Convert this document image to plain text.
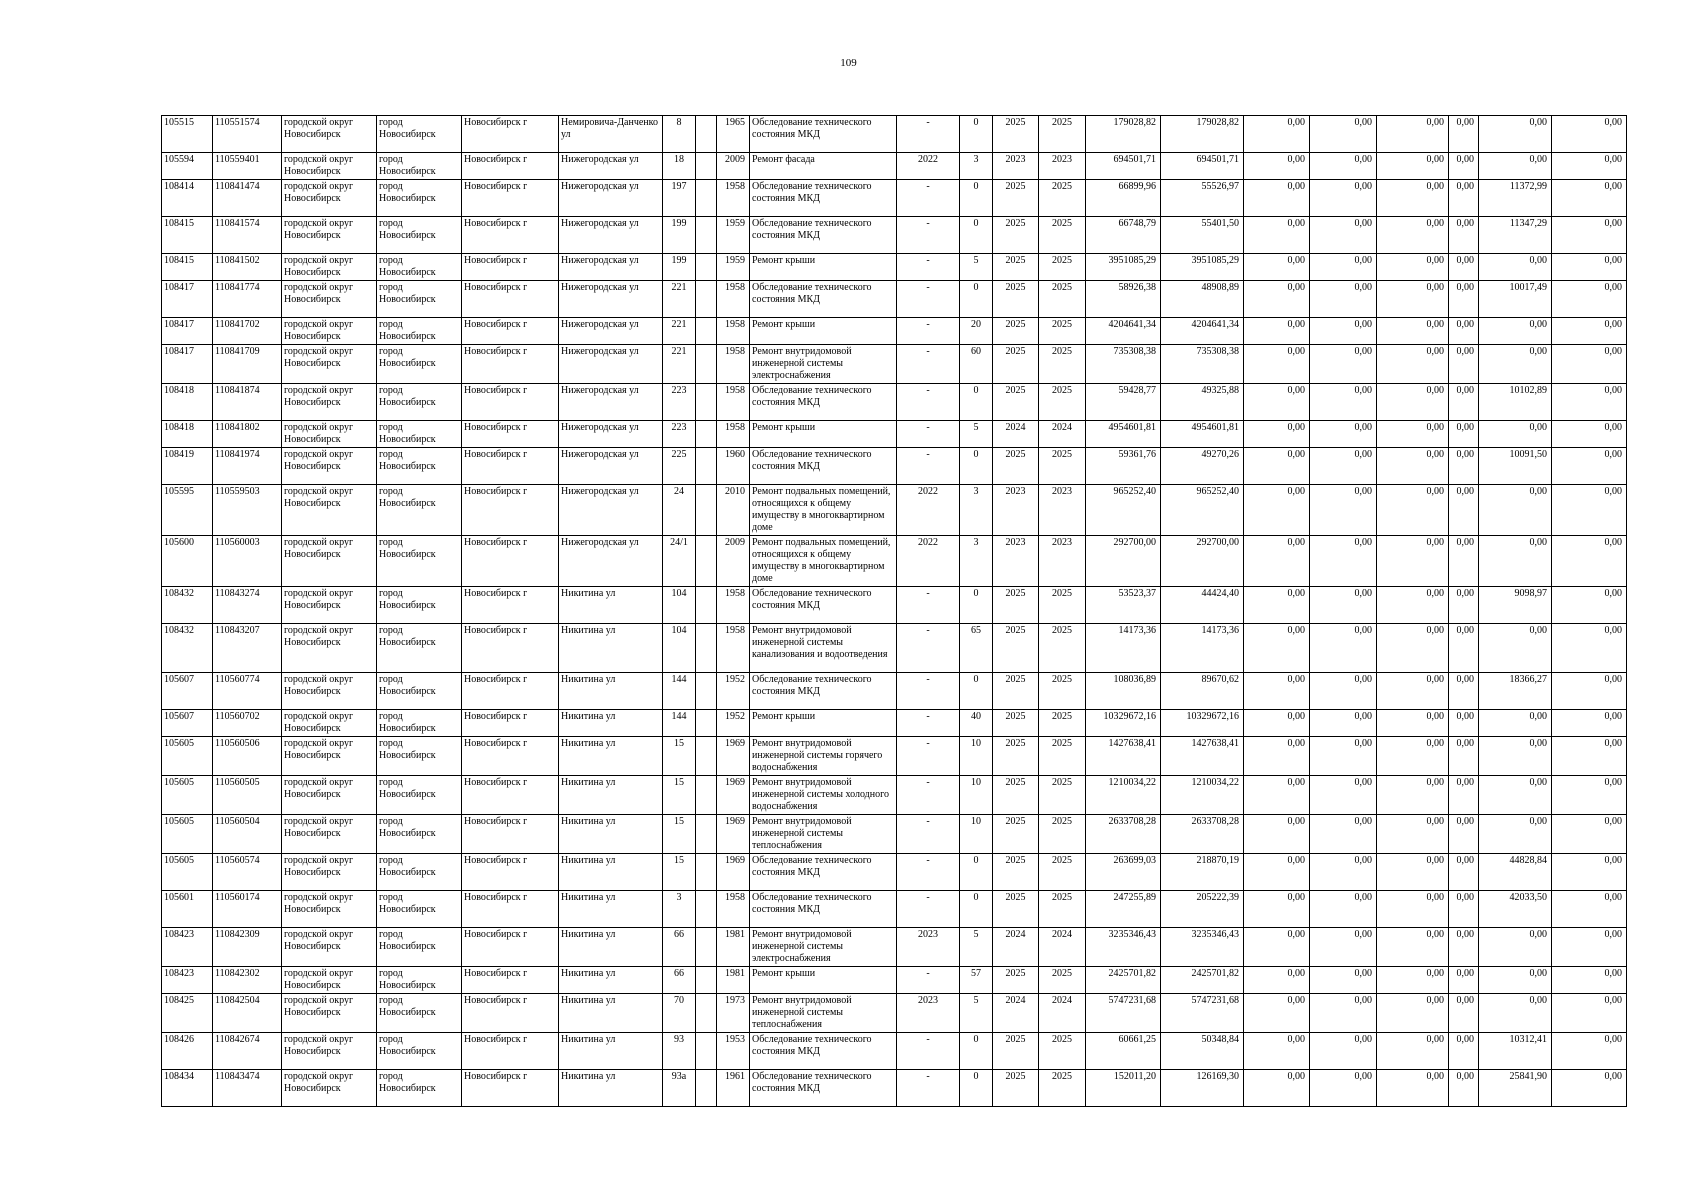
109
105515	110551574	городской округ Новосибирск	город Новосибирск	Новосибирск г	Немировича-Данченко ул	8		1965	Обследование технического состояния МКД	-	0	2025	2025	179028,82	179028,82	0,00	0,00	0,00	0,00	0,00	0,00
105594	110559401	городской округ Новосибирск	город Новосибирск	Новосибирск г	Нижегородская ул	18		2009	Ремонт фасада	2022	3	2023	2023	694501,71	694501,71	0,00	0,00	0,00	0,00	0,00	0,00
108414	110841474	городской округ Новосибирск	город Новосибирск	Новосибирск г	Нижегородская ул	197		1958	Обследование технического состояния МКД	-	0	2025	2025	66899,96	55526,97	0,00	0,00	0,00	0,00	11372,99	0,00
108415	110841574	городской округ Новосибирск	город Новосибирск	Новосибирск г	Нижегородская ул	199		1959	Обследование технического состояния МКД	-	0	2025	2025	66748,79	55401,50	0,00	0,00	0,00	0,00	11347,29	0,00
108415	110841502	городской округ Новосибирск	город Новосибирск	Новосибирск г	Нижегородская ул	199		1959	Ремонт крыши	-	5	2025	2025	3951085,29	3951085,29	0,00	0,00	0,00	0,00	0,00	0,00
108417	110841774	городской округ Новосибирск	город Новосибирск	Новосибирск г	Нижегородская ул	221		1958	Обследование технического состояния МКД	-	0	2025	2025	58926,38	48908,89	0,00	0,00	0,00	0,00	10017,49	0,00
108417	110841702	городской округ Новосибирск	город Новосибирск	Новосибирск г	Нижегородская ул	221		1958	Ремонт крыши	-	20	2025	2025	4204641,34	4204641,34	0,00	0,00	0,00	0,00	0,00	0,00
108417	110841709	городской округ Новосибирск	город Новосибирск	Новосибирск г	Нижегородская ул	221		1958	Ремонт внутридомовой инженерной системы электроснабжения	-	60	2025	2025	735308,38	735308,38	0,00	0,00	0,00	0,00	0,00	0,00
108418	110841874	городской округ Новосибирск	город Новосибирск	Новосибирск г	Нижегородская ул	223		1958	Обследование технического состояния МКД	-	0	2025	2025	59428,77	49325,88	0,00	0,00	0,00	0,00	10102,89	0,00
108418	110841802	городской округ Новосибирск	город Новосибирск	Новосибирск г	Нижегородская ул	223		1958	Ремонт крыши	-	5	2024	2024	4954601,81	4954601,81	0,00	0,00	0,00	0,00	0,00	0,00
108419	110841974	городской округ Новосибирск	город Новосибирск	Новосибирск г	Нижегородская ул	225		1960	Обследование технического состояния МКД	-	0	2025	2025	59361,76	49270,26	0,00	0,00	0,00	0,00	10091,50	0,00
105595	110559503	городской округ Новосибирск	город Новосибирск	Новосибирск г	Нижегородская ул	24		2010	Ремонт подвальных помещений, относящихся к общему имуществу в многоквартирном доме	2022	3	2023	2023	965252,40	965252,40	0,00	0,00	0,00	0,00	0,00	0,00
105600	110560003	городской округ Новосибирск	город Новосибирск	Новосибирск г	Нижегородская ул	24/1		2009	Ремонт подвальных помещений, относящихся к общему имуществу в многоквартирном доме	2022	3	2023	2023	292700,00	292700,00	0,00	0,00	0,00	0,00	0,00	0,00
108432	110843274	городской округ Новосибирск	город Новосибирск	Новосибирск г	Никитина ул	104		1958	Обследование технического состояния МКД	-	0	2025	2025	53523,37	44424,40	0,00	0,00	0,00	0,00	9098,97	0,00
108432	110843207	городской округ Новосибирск	город Новосибирск	Новосибирск г	Никитина ул	104		1958	Ремонт внутридомовой инженерной системы канализования и водоотведения	-	65	2025	2025	14173,36	14173,36	0,00	0,00	0,00	0,00	0,00	0,00
105607	110560774	городской округ Новосибирск	город Новосибирск	Новосибирск г	Никитина ул	144		1952	Обследование технического состояния МКД	-	0	2025	2025	108036,89	89670,62	0,00	0,00	0,00	0,00	18366,27	0,00
105607	110560702	городской округ Новосибирск	город Новосибирск	Новосибирск г	Никитина ул	144		1952	Ремонт крыши	-	40	2025	2025	10329672,16	10329672,16	0,00	0,00	0,00	0,00	0,00	0,00
105605	110560506	городской округ Новосибирск	город Новосибирск	Новосибирск г	Никитина ул	15		1969	Ремонт внутридомовой инженерной системы горячего водоснабжения	-	10	2025	2025	1427638,41	1427638,41	0,00	0,00	0,00	0,00	0,00	0,00
105605	110560505	городской округ Новосибирск	город Новосибирск	Новосибирск г	Никитина ул	15		1969	Ремонт внутридомовой инженерной системы холодного водоснабжения	-	10	2025	2025	1210034,22	1210034,22	0,00	0,00	0,00	0,00	0,00	0,00
105605	110560504	городской округ Новосибирск	город Новосибирск	Новосибирск г	Никитина ул	15		1969	Ремонт внутридомовой инженерной системы теплоснабжения	-	10	2025	2025	2633708,28	2633708,28	0,00	0,00	0,00	0,00	0,00	0,00
105605	110560574	городской округ Новосибирск	город Новосибирск	Новосибирск г	Никитина ул	15		1969	Обследование технического состояния МКД	-	0	2025	2025	263699,03	218870,19	0,00	0,00	0,00	0,00	44828,84	0,00
105601	110560174	городской округ Новосибирск	город Новосибирск	Новосибирск г	Никитина ул	3		1958	Обследование технического состояния МКД	-	0	2025	2025	247255,89	205222,39	0,00	0,00	0,00	0,00	42033,50	0,00
108423	110842309	городской округ Новосибирск	город Новосибирск	Новосибирск г	Никитина ул	66		1981	Ремонт внутридомовой инженерной системы электроснабжения	2023	5	2024	2024	3235346,43	3235346,43	0,00	0,00	0,00	0,00	0,00	0,00
108423	110842302	городской округ Новосибирск	город Новосибирск	Новосибирск г	Никитина ул	66		1981	Ремонт крыши	-	57	2025	2025	2425701,82	2425701,82	0,00	0,00	0,00	0,00	0,00	0,00
108425	110842504	городской округ Новосибирск	город Новосибирск	Новосибирск г	Никитина ул	70		1973	Ремонт внутридомовой инженерной системы теплоснабжения	2023	5	2024	2024	5747231,68	5747231,68	0,00	0,00	0,00	0,00	0,00	0,00
108426	110842674	городской округ Новосибирск	город Новосибирск	Новосибирск г	Никитина ул	93		1953	Обследование технического состояния МКД	-	0	2025	2025	60661,25	50348,84	0,00	0,00	0,00	0,00	10312,41	0,00
108434	110843474	городской округ Новосибирск	город Новосибирск	Новосибирск г	Никитина ул	93а		1961	Обследование технического состояния МКД	-	0	2025	2025	152011,20	126169,30	0,00	0,00	0,00	0,00	25841,90	0,00
